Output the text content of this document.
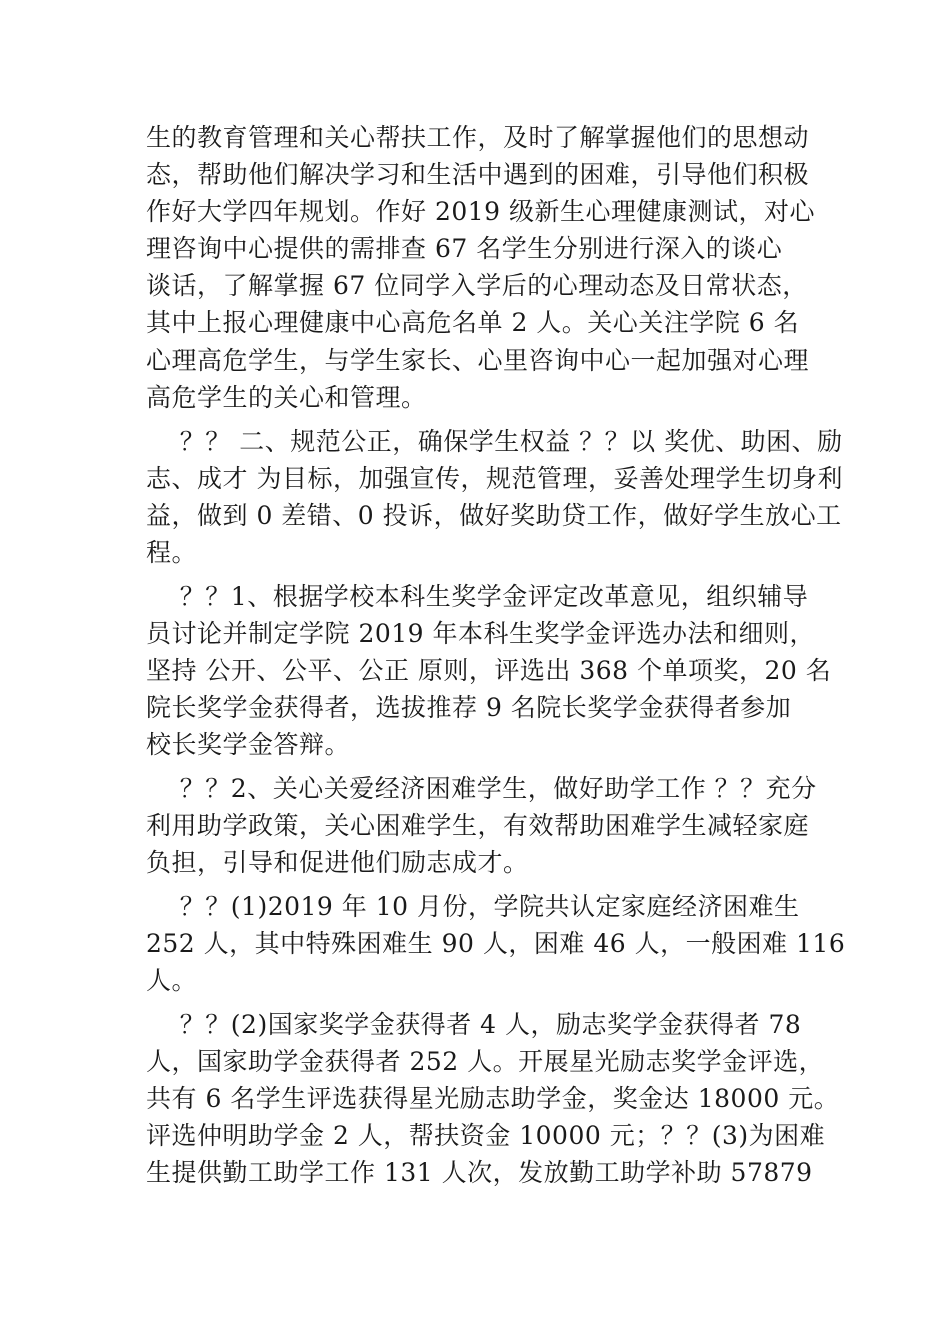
生的教育管理和关心帮扶工作，及时了解掌握他们的思想动
态，帮助他们解决学习和生活中遇到的困难，引导他们积极
作好大学四年规划。作好 2019 级新生心理健康测试，对心
理咨询中心提供的需排查 67 名学生分别进行深入的谈心
谈话，了解掌握 67 位同学入学后的心理动态及日常状态，
其中上报心理健康中心高危名单 2 人。关心关注学院 6 名
心理高危学生，与学生家长、心里咨询中心一起加强对心理
高危学生的关心和管理。
？？ 二、规范公正，确保学生权益 ？？以 奖优、助困、励
志、成才 为目标，加强宣传，规范管理，妥善处理学生切身利
益，做到 0 差错、0 投诉，做好奖助贷工作，做好学生放心工
程。
？？1、根据学校本科生奖学金评定改革意见，组织辅导
员讨论并制定学院 2019 年本科生奖学金评选办法和细则，
坚持 公开、公平、公正 原则，评选出 368 个单项奖，20 名
院长奖学金获得者，选拔推荐 9 名院长奖学金获得者参加
校长奖学金答辩。
？？2、关心关爱经济困难学生，做好助学工作 ？？充分
利用助学政策，关心困难学生，有效帮助困难学生减轻家庭
负担，引导和促进他们励志成才。
？？(1)2019 年 10 月份，学院共认定家庭经济困难生
252 人，其中特殊困难生 90 人，困难 46 人，一般困难 116
人。
？？(2)国家奖学金获得者 4 人，励志奖学金获得者 78
人，国家助学金获得者 252 人。开展星光励志奖学金评选，
共有 6 名学生评选获得星光励志助学金，奖金达 18000 元。
评选仲明助学金 2 人，帮扶资金 10000 元；？？(3)为困难
生提供勤工助学工作 131 人次，发放勤工助学补助 57879
